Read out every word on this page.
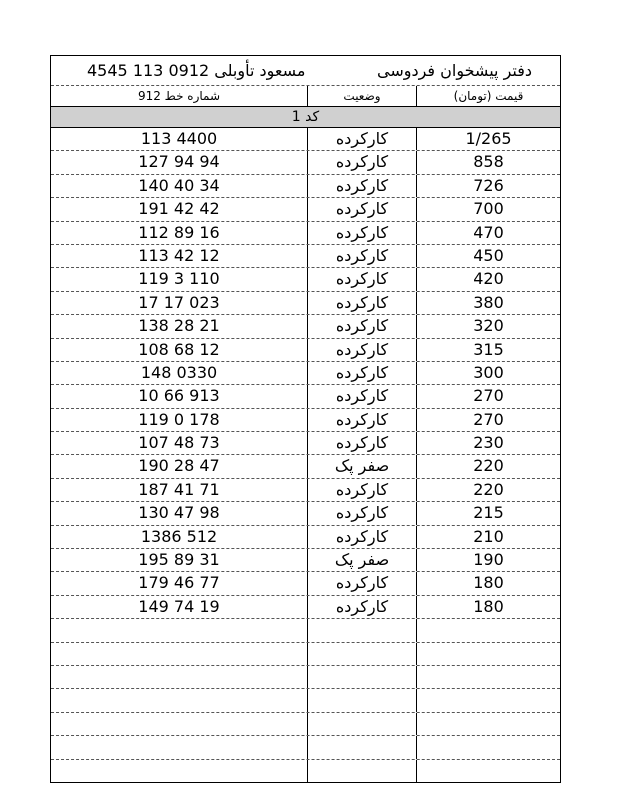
مسعود تأوبلی 0912 113 4545	دفتر پیشخوان فردوسی
شماره خط 912	وضعیت	قیمت (تومان)
کد 1
113 4400	کارکرده	1/265
127 94 94	کارکرده	858
140 40 34	کارکرده	726
191 42 42	کارکرده	700
112 89 16	کارکرده	470
113 42 12	کارکرده	450
119 3 110	کارکرده	420
17 17 023	کارکرده	380
138 28 21	کارکرده	320
108 68 12	کارکرده	315
148 0330	کارکرده	300
10 66 913	کارکرده	270
119 0 178	کارکرده	270
107 48 73	کارکرده	230
190 28 47	صفر پک	220
187 41 71	کارکرده	220
130 47 98	کارکرده	215
1386 512	کارکرده	210
195 89 31	صفر پک	190
179 46 77	کارکرده	180
149 74 19	کارکرده	180
